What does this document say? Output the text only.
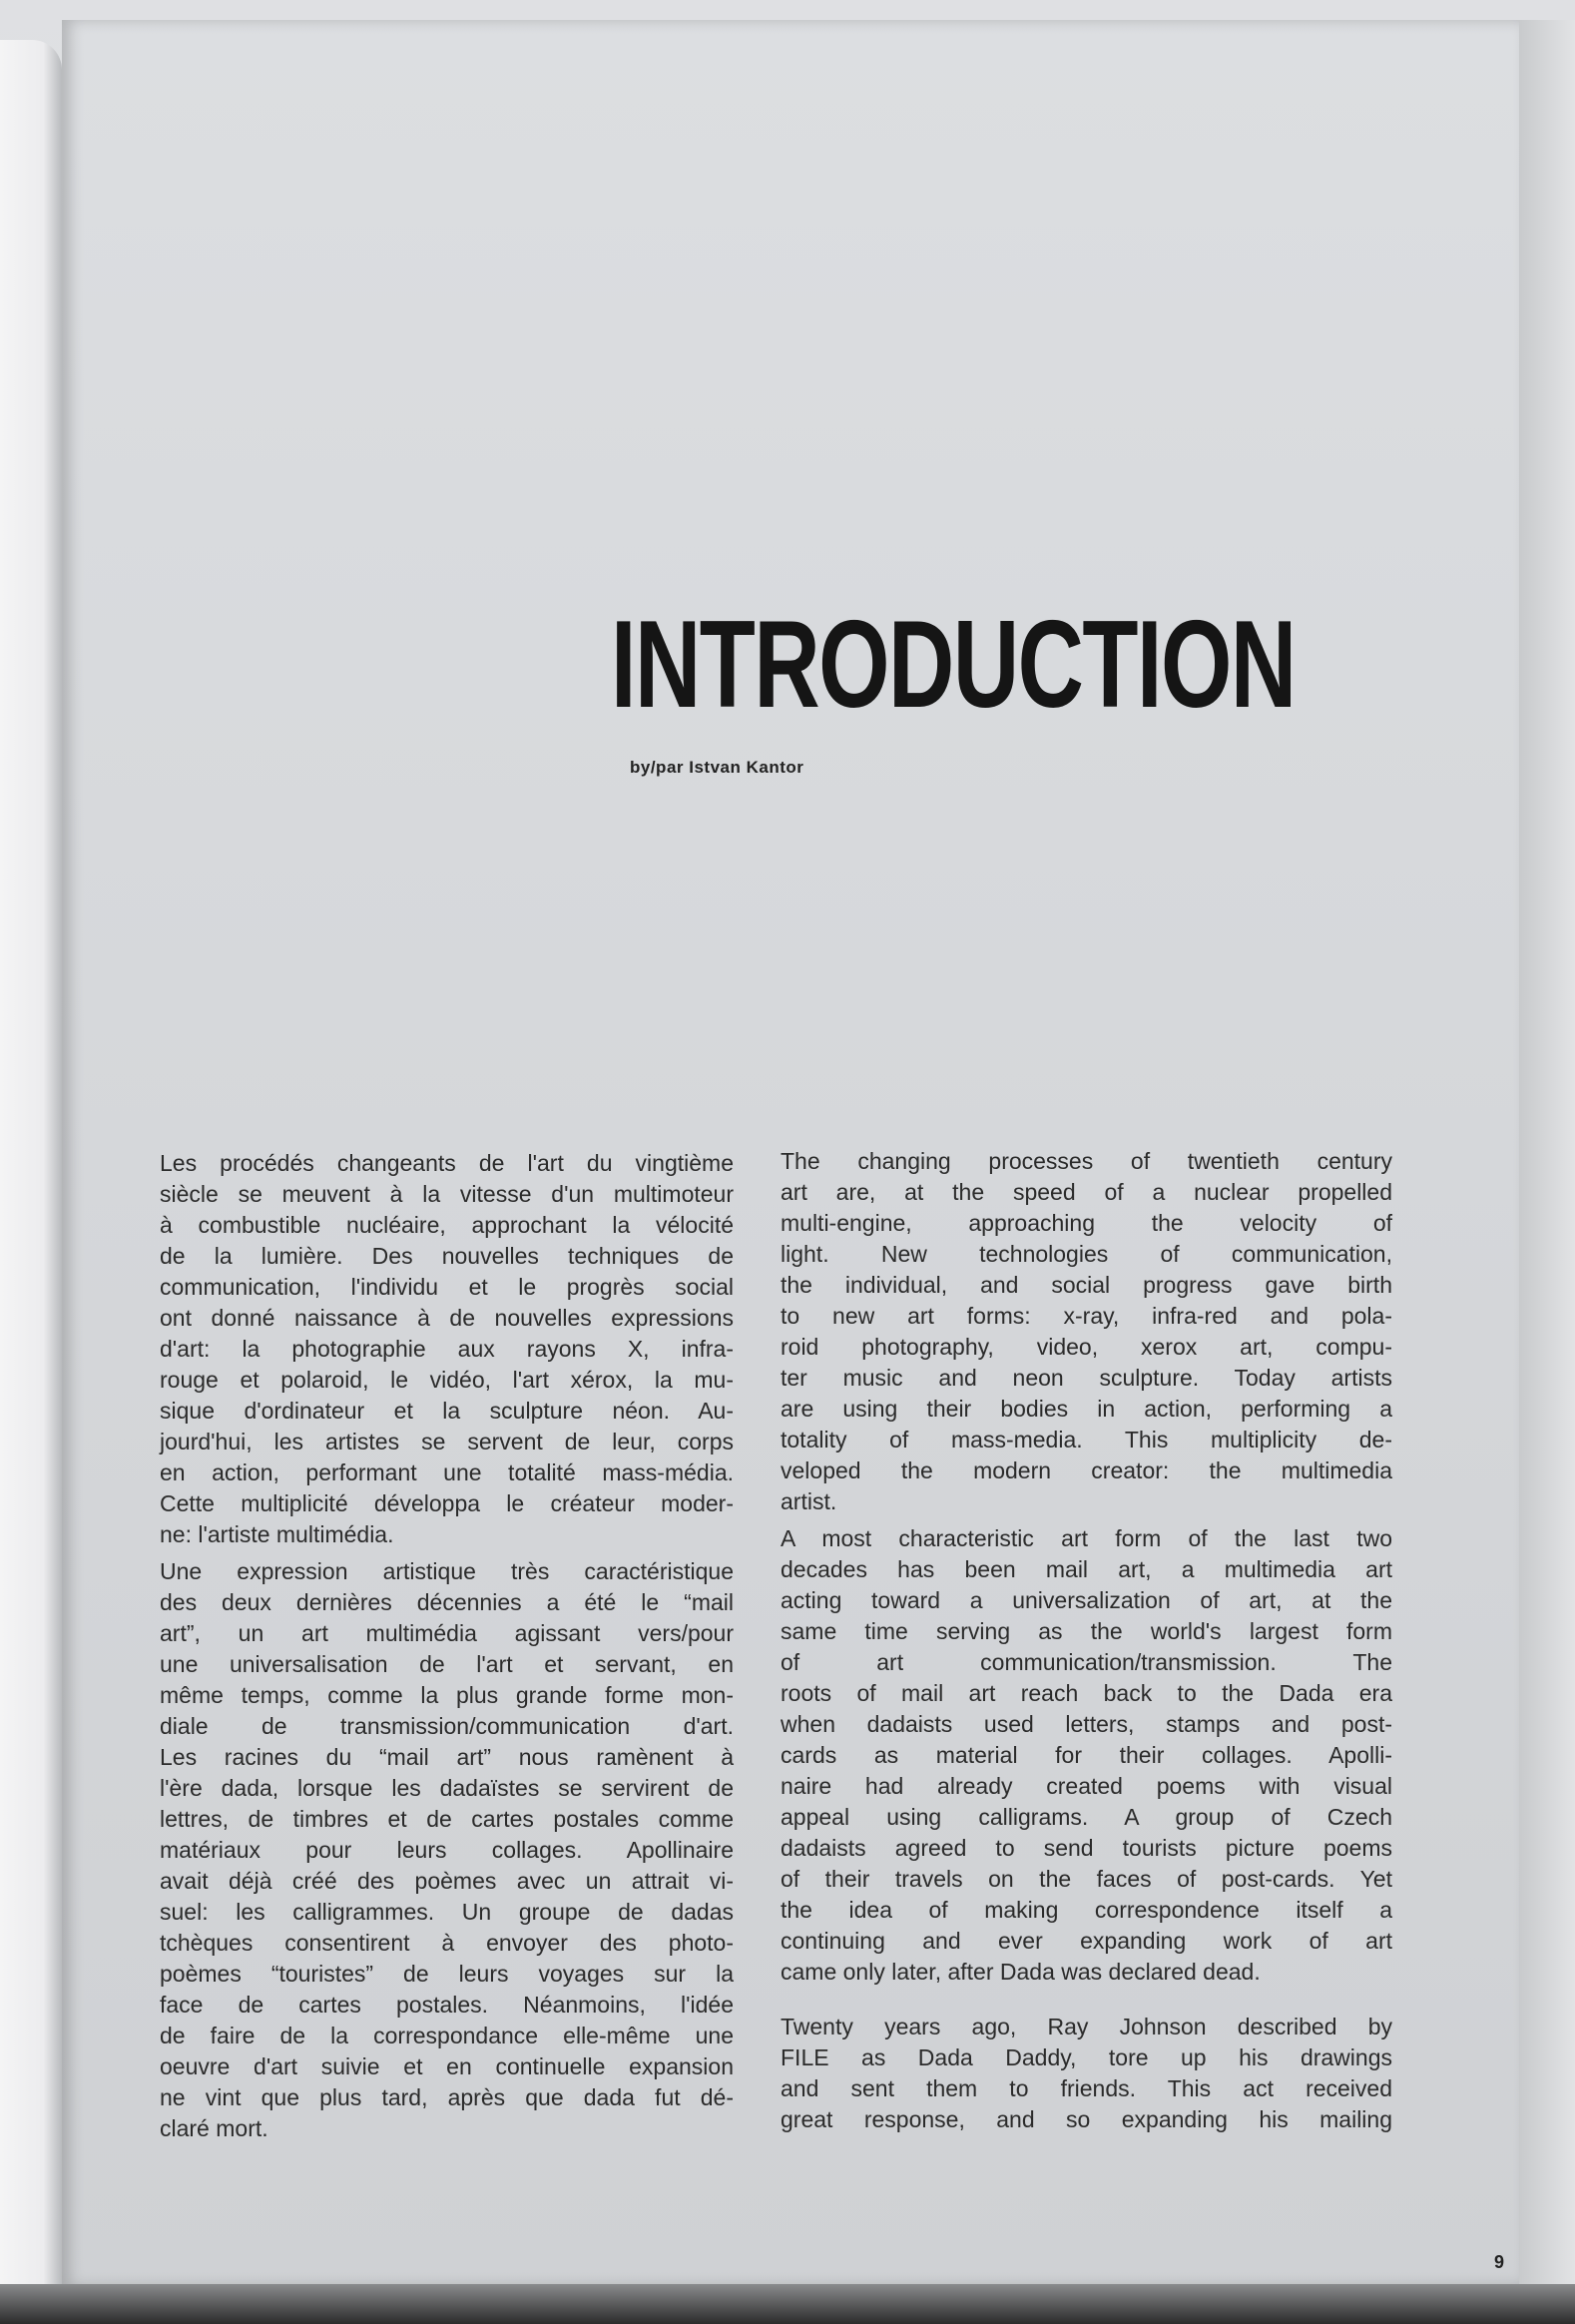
INTRODUCTION
by/par Istvan Kantor
Les procédés changeants de l'art du vingtième
siècle se meuvent à la vitesse d'un multimoteur
à combustible nucléaire, approchant la vélocité
de la lumière. Des nouvelles techniques de
communication, l'individu et le progrès social
ont donné naissance à de nouvelles expressions
d'art: la photographie aux rayons X, infra-
rouge et polaroid, le vidéo, l'art xérox, la mu-
sique d'ordinateur et la sculpture néon. Au-
jourd'hui, les artistes se servent de leur, corps
en action, performant une totalité mass-média.
Cette multiplicité développa le créateur moder-
ne: l'artiste multimédia.
Une expression artistique très caractéristique
des deux dernières décennies a été le “mail
art”, un art multimédia agissant vers/pour
une universalisation de l'art et servant, en
même temps, comme la plus grande forme mon-
diale de transmission/communication d'art.
Les racines du “mail art” nous ramènent à
l'ère dada, lorsque les dadaïstes se servirent de
lettres, de timbres et de cartes postales comme
matériaux pour leurs collages. Apollinaire
avait déjà créé des poèmes avec un attrait vi-
suel: les calligrammes. Un groupe de dadas
tchèques consentirent à envoyer des photo-
poèmes “touristes” de leurs voyages sur la
face de cartes postales. Néanmoins, l'idée
de faire de la correspondance elle-même une
oeuvre d'art suivie et en continuelle expansion
ne vint que plus tard, après que dada fut dé-
claré mort.
The changing processes of twentieth century
art are, at the speed of a nuclear propelled
multi-engine, approaching the velocity of
light. New technologies of communication,
the individual, and social progress gave birth
to new art forms: x-ray, infra-red and pola-
roid photography, video, xerox art, compu-
ter music and neon sculpture. Today artists
are using their bodies in action, performing a
totality of mass-media. This multiplicity de-
veloped the modern creator: the multimedia
artist.
A most characteristic art form of the last two
decades has been mail art, a multimedia art
acting toward a universalization of art, at the
same time serving as the world's largest form
of art communication/transmission. The
roots of mail art reach back to the Dada era
when dadaists used letters, stamps and post-
cards as material for their collages. Apolli-
naire had already created poems with visual
appeal using calligrams. A group of Czech
dadaists agreed to send tourists picture poems
of their travels on the faces of post-cards. Yet
the idea of making correspondence itself a
continuing and ever expanding work of art
came only later, after Dada was declared dead.
Twenty years ago, Ray Johnson described by
FILE as Dada Daddy, tore up his drawings
and sent them to friends. This act received
great response, and so expanding his mailing
9
